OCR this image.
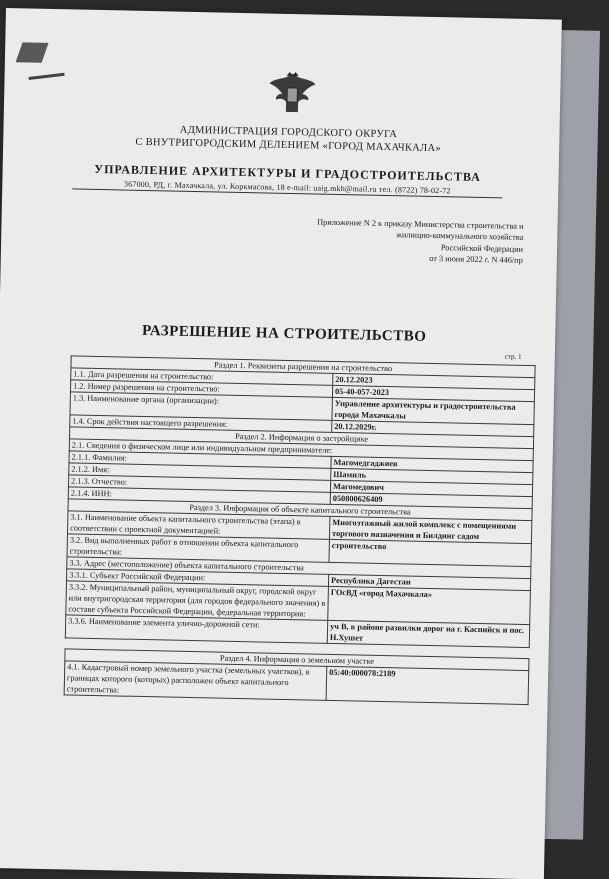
АДМИНИСТРАЦИЯ ГОРОДСКОГО ОКРУГА
С ВНУТРИГОРОДСКИМ ДЕЛЕНИЕМ «ГОРОД МАХАЧКАЛА»
УПРАВЛЕНИЕ АРХИТЕКТУРЫ И ГРАДОСТРОИТЕЛЬСТВА
367000, РД, г. Махачкала, ул. Коркмасова, 18 e-mail: uaig.mkh@mail.ru тел. (8722) 78-02-72
Приложение N 2 к приказу Министерства строительства и
жилищно-коммунального хозяйства
Российской Федерации
от 3 июня 2022 г. N 446/пр
РАЗРЕШЕНИЕ НА СТРОИТЕЛЬСТВО
стр. 1
Раздел 1. Реквизиты разрешения на строительство	
1.1. Дата разрешения на строительство:	20.12.2023
1.2. Номер разрешения на строительство:	05-40-057-2023
1.3. Наименование органа (организации):	Управление архитектуры и градостроительства города Махачкалы
1.4. Срок действия настоящего разрешения:	20.12.2029г.
Раздел 2. Информация о застройщике	
2.1. Сведения о физическом лице или индивидуальном предпринимателе:	
2.1.1. Фамилия:	Магомедгаджиев
2.1.2. Имя:	Шамиль
2.1.3. Отчество:	Магомедович
2.1.4. ИНН:	050800626409
Раздел 3. Информация об объекте капитального строительства	
3.1. Наименование объекта капитального строительства (этапа) в соответствии с проектной документацией:	Многоэтажный жилой комплекс с помещениями торгового назначения и Билдинг садом
3.2. Вид выполненных работ в отношении объекта капитального строительства:	строительство
3.3. Адрес (местоположение) объекта капитального строительства	
3.3.1. Субъект Российской Федерации:	Республика Дагестан
3.3.2. Муниципальный район, муниципальный округ, городской округ или внутригородская территория (для городов федерального значения) в составе субъекта Российской Федерации, федеральная территория:	ГОсВД «город Махачкала»
3.3.6. Наименование элемента улично-дорожной сети:	уч В, в районе развилки дорог на г. Каспийск и пос. Н.Хушет

Раздел 4. Информация о земельном участке	
4.1. Кадастровый номер земельного участка (земельных участков), в границах которого (которых) расположен объект капитального строительства:	05:40:000078:2189
